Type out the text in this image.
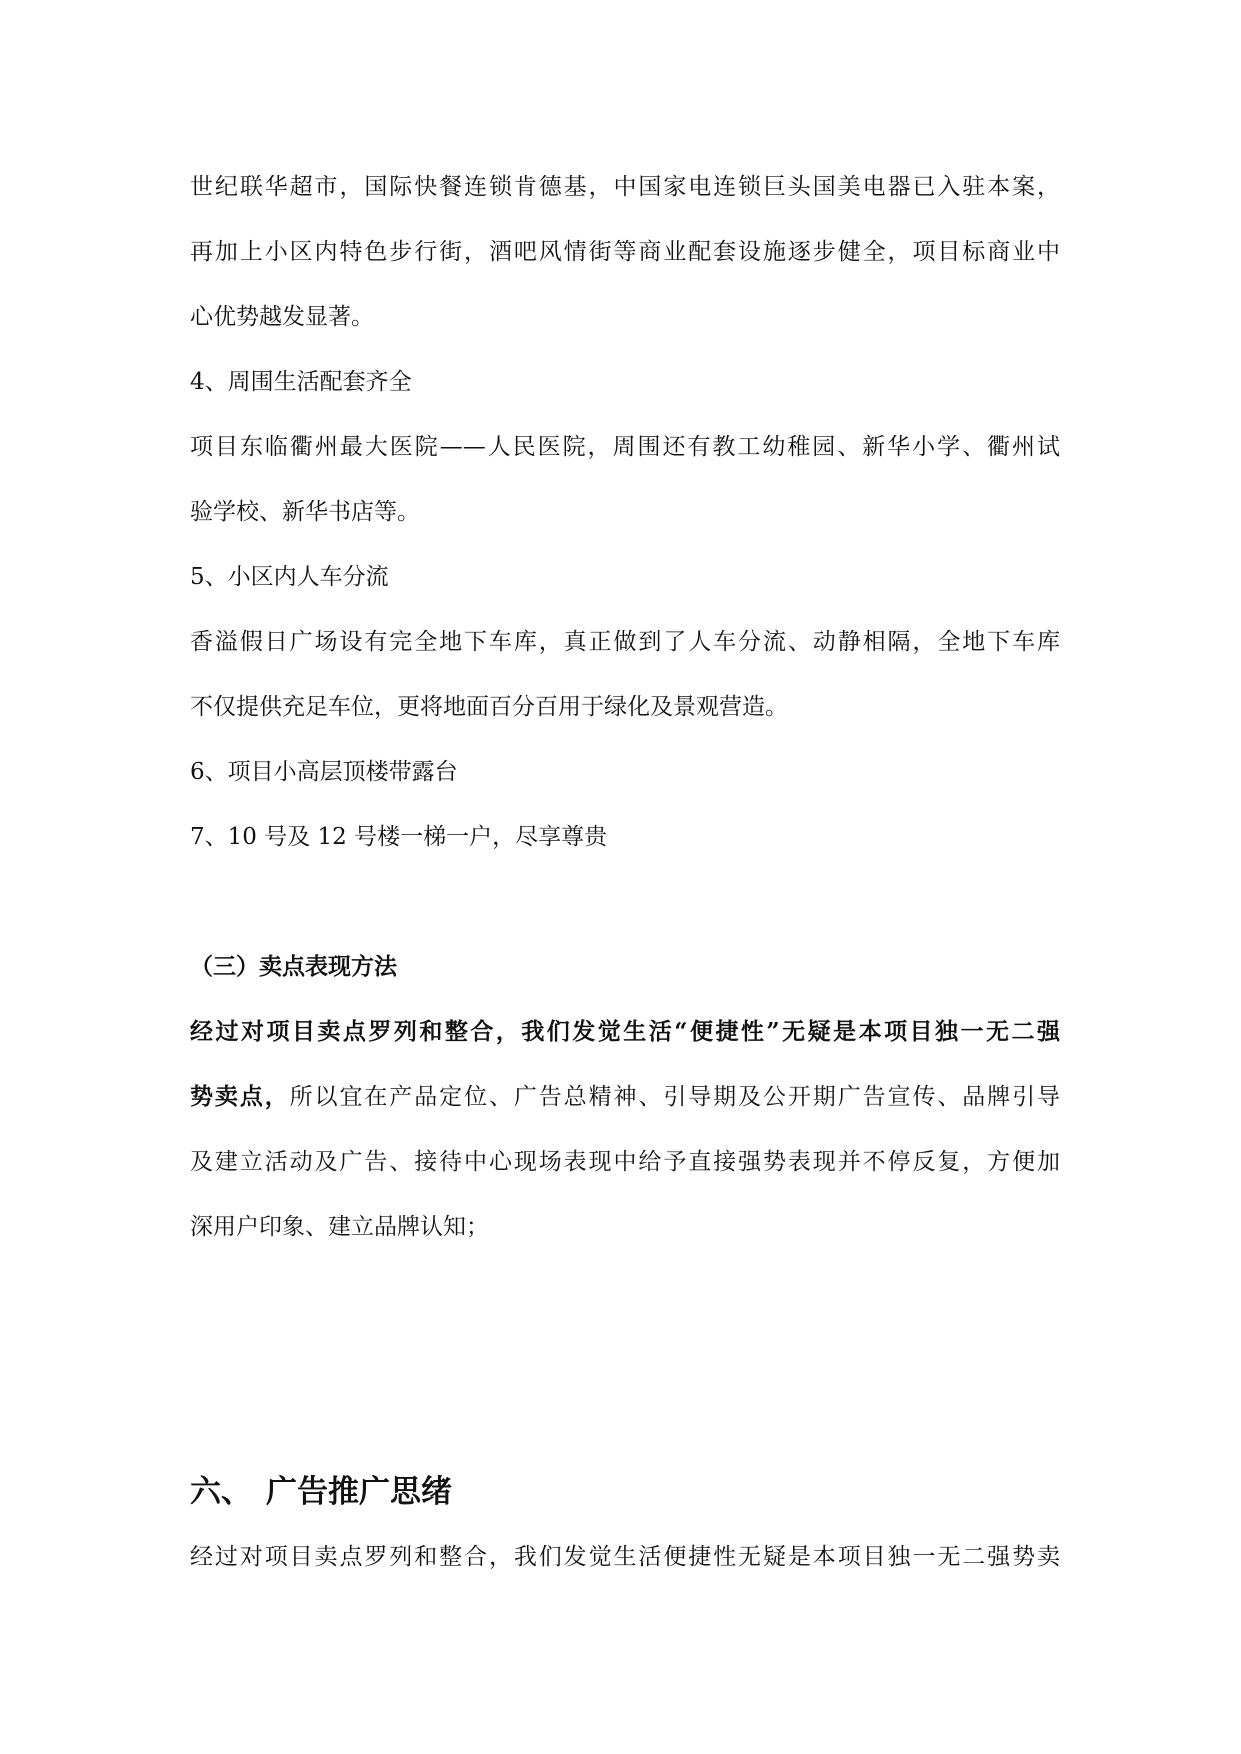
世纪联华超市，国际快餐连锁肯德基，中国家电连锁巨头国美电器已入驻本案，
再加上小区内特色步行街，酒吧风情街等商业配套设施逐步健全，项目标商业中
心优势越发显著。
4、周围生活配套齐全
项目东临衢州最大医院——人民医院，周围还有教工幼稚园、新华小学、衢州试
验学校、新华书店等。
5、小区内人车分流
香溢假日广场设有完全地下车库，真正做到了人车分流、动静相隔，全地下车库
不仅提供充足车位，更将地面百分百用于绿化及景观营造。
6、项目小高层顶楼带露台
7、10 号及 12 号楼一梯一户，尽享尊贵
（三）卖点表现方法
经过对项目卖点罗列和整合，我们发觉生活“便捷性”无疑是本项目独一无二强
势卖点，所以宜在产品定位、广告总精神、引导期及公开期广告宣传、品牌引导
及建立活动及广告、接待中心现场表现中给予直接强势表现并不停反复，方便加
深用户印象、建立品牌认知；
六、 广告推广思绪
经过对项目卖点罗列和整合，我们发觉生活便捷性无疑是本项目独一无二强势卖
